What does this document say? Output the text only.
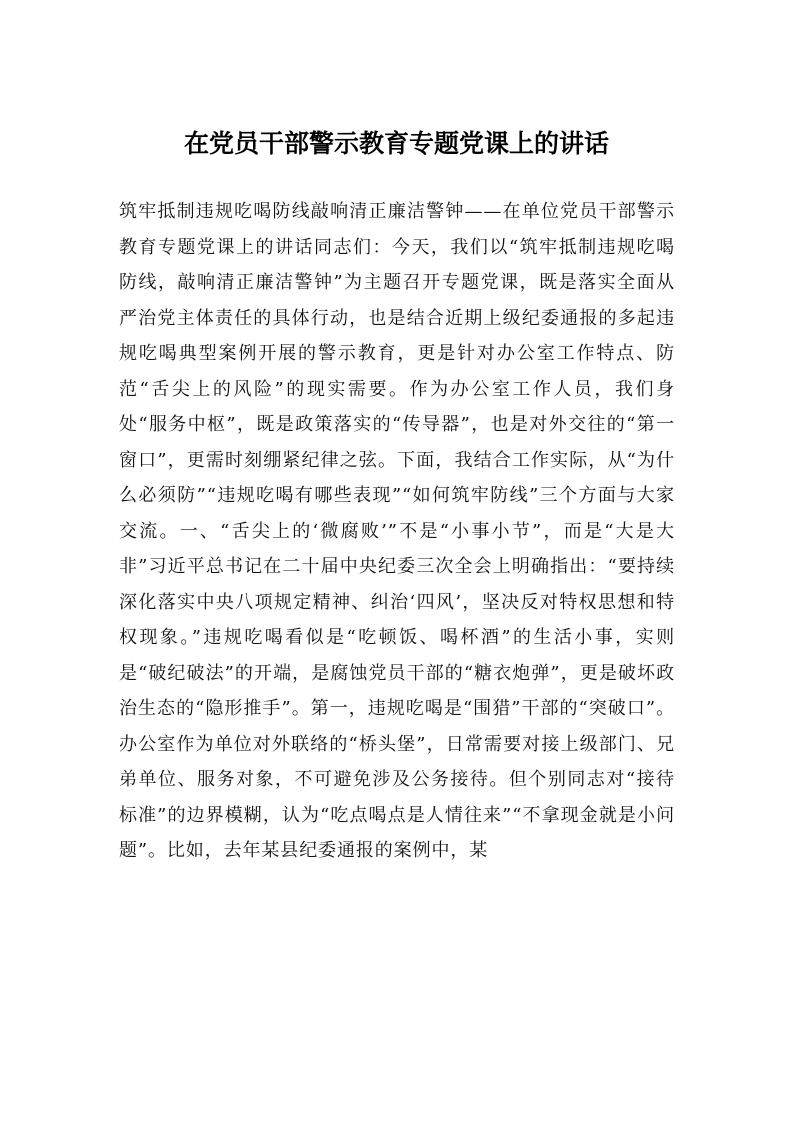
在党员干部警示教育专题党课上的讲话

筑牢抵制违规吃喝防线敲响清正廉洁警钟——在单位党员干部警示教育专题党课上的讲话同志们：今天，我们以“筑牢抵制违规吃喝防线，敲响清正廉洁警钟”为主题召开专题党课，既是落实全面从严治党主体责任的具体行动，也是结合近期上级纪委通报的多起违规吃喝典型案例开展的警示教育，更是针对办公室工作特点、防范“舌尖上的风险”的现实需要。作为办公室工作人员，我们身处“服务中枢”，既是政策落实的“传导器”，也是对外交往的“第一窗口”，更需时刻绷紧纪律之弦。下面，我结合工作实际，从“为什么必须防”“违规吃喝有哪些表现”“如何筑牢防线”三个方面与大家交流。一、“舌尖上的‘微腐败’”不是“小事小节”，而是“大是大非”习近平总书记在二十届中央纪委三次全会上明确指出：“要持续深化落实中央八项规定精神、纠治‘四风’，坚决反对特权思想和特权现象。”违规吃喝看似是“吃顿饭、喝杯酒”的生活小事，实则是“破纪破法”的开端，是腐蚀党员干部的“糖衣炮弹”，更是破坏政治生态的“隐形推手”。第一，违规吃喝是“围猎”干部的“突破口”。办公室作为单位对外联络的“桥头堡”，日常需要对接上级部门、兄弟单位、服务对象，不可避免涉及公务接待。但个别同志对“接待标准”的边界模糊，认为“吃点喝点是人情往来”“不拿现金就是小问题”。比如，去年某县纪委通报的案例中，某
